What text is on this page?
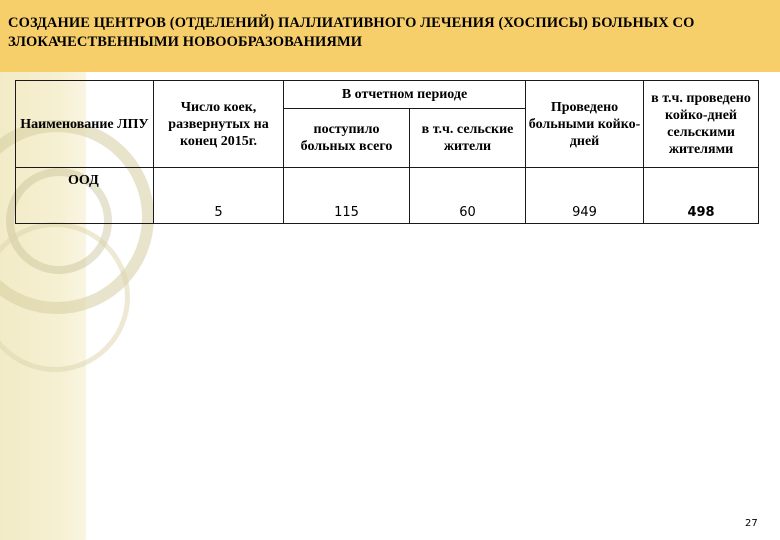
СОЗДАНИЕ ЦЕНТРОВ (ОТДЕЛЕНИЙ) ПАЛЛИАТИВНОГО ЛЕЧЕНИЯ (ХОСПИСЫ) БОЛЬНЫХ СО ЗЛОКАЧЕСТВЕННЫМИ НОВООБРАЗОВАНИЯМИ
Наименование ЛПУ	Число коек, развернутых на конец 2015г.	В отчетном периоде		Проведено больными койко-дней	в т.ч. проведено койко-дней сельскими жителями
		поступило больных всего	в т.ч. сельские жители		
ООД	5	115	60	949	498
27
